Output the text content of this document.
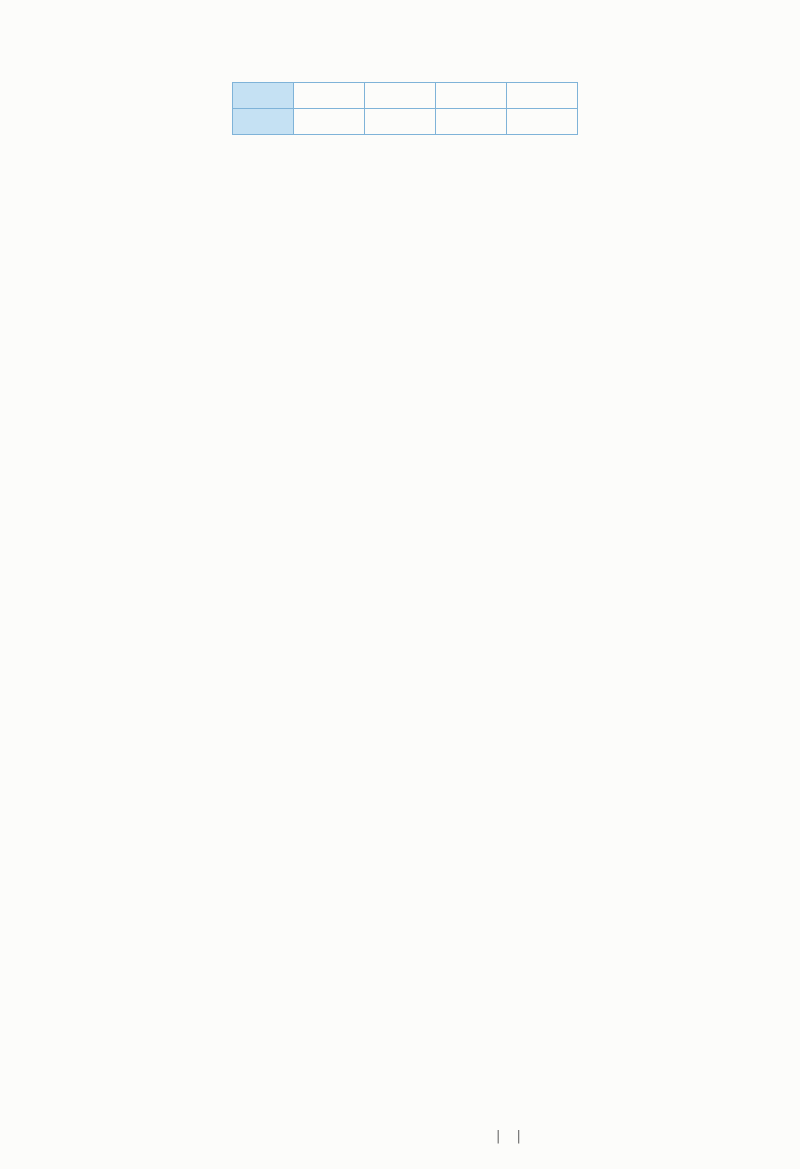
| |
